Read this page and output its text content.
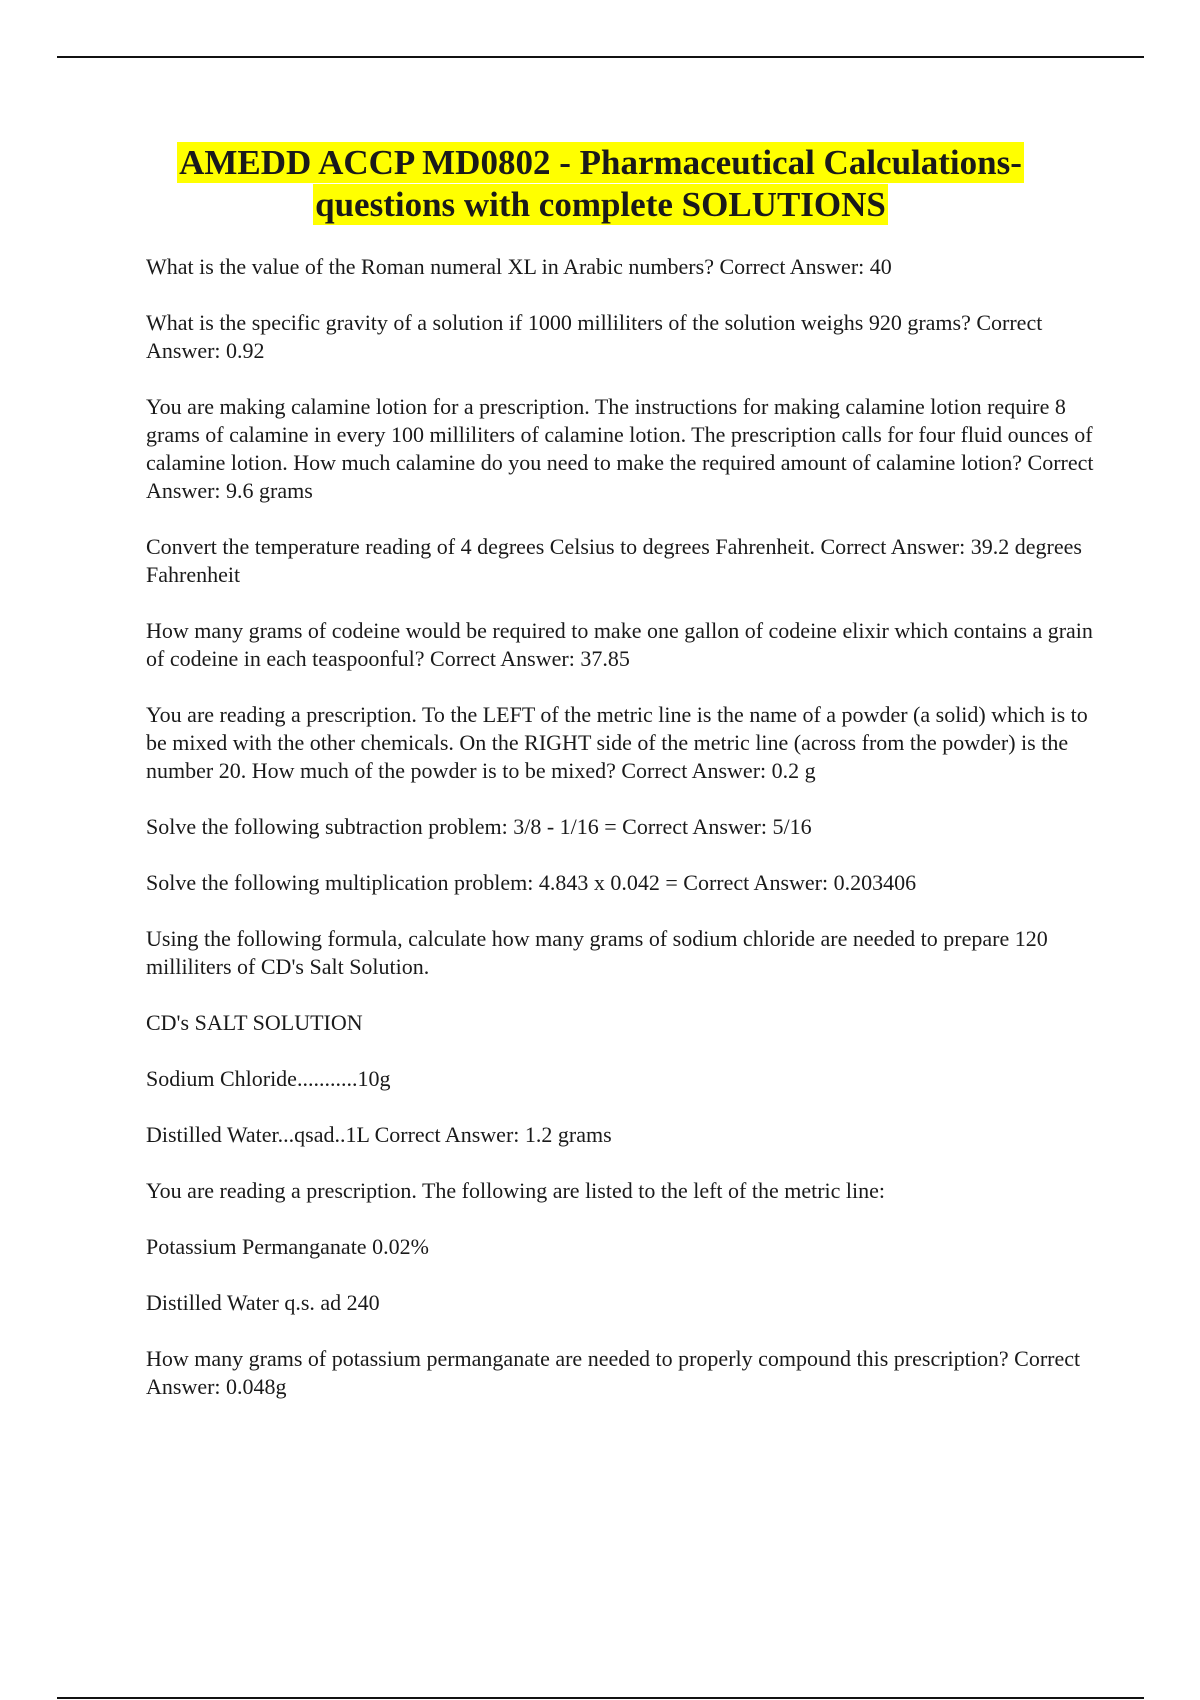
AMEDD ACCP MD0802 - Pharmaceutical Calculations-
questions with complete SOLUTIONS

What is the value of the Roman numeral XL in Arabic numbers? Correct Answer: 40

What is the specific gravity of a solution if 1000 milliliters of the solution weighs 920 grams? Correct Answer: 0.92

You are making calamine lotion for a prescription. The instructions for making calamine lotion require 8 grams of calamine in every 100 milliliters of calamine lotion. The prescription calls for four fluid ounces of calamine lotion. How much calamine do you need to make the required amount of calamine lotion? Correct Answer: 9.6 grams

Convert the temperature reading of 4 degrees Celsius to degrees Fahrenheit. Correct Answer: 39.2 degrees Fahrenheit

How many grams of codeine would be required to make one gallon of codeine elixir which contains a grain of codeine in each teaspoonful? Correct Answer: 37.85

You are reading a prescription. To the LEFT of the metric line is the name of a powder (a solid) which is to be mixed with the other chemicals. On the RIGHT side of the metric line (across from the powder) is the number 20. How much of the powder is to be mixed? Correct Answer: 0.2 g

Solve the following subtraction problem: 3/8 - 1/16 = Correct Answer: 5/16

Solve the following multiplication problem: 4.843 x 0.042 = Correct Answer: 0.203406

Using the following formula, calculate how many grams of sodium chloride are needed to prepare 120 milliliters of CD's Salt Solution.

CD's SALT SOLUTION

Sodium Chloride...........10g

Distilled Water...qsad..1L Correct Answer: 1.2 grams

You are reading a prescription. The following are listed to the left of the metric line:

Potassium Permanganate 0.02%

Distilled Water q.s. ad 240

How many grams of potassium permanganate are needed to properly compound this prescription? Correct Answer: 0.048g
